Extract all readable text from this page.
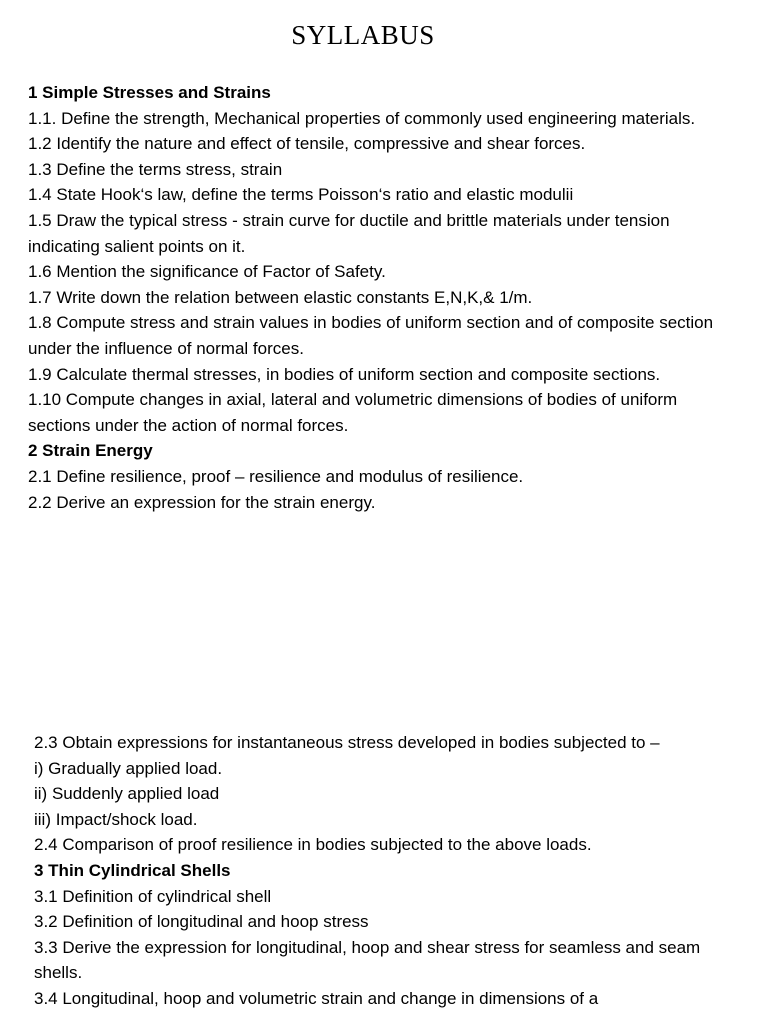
SYLLABUS
1 Simple Stresses and Strains
1.1. Define the strength, Mechanical properties of commonly used engineering materials.
1.2 Identify the nature and effect of tensile, compressive and shear forces.
1.3 Define the terms stress, strain
1.4 State Hook‘s law, define the terms Poisson‘s ratio and elastic modulii
1.5 Draw the typical stress - strain curve for ductile and brittle materials under tension indicating salient points on it.
1.6 Mention the significance of Factor of Safety.
1.7 Write down the relation between elastic constants E,N,K,& 1/m.
1.8 Compute stress and strain values in bodies of uniform section and of composite section under the influence of normal forces.
1.9 Calculate thermal stresses, in bodies of uniform section and composite sections.
1.10 Compute changes in axial, lateral and volumetric dimensions of bodies of uniform sections under the action of normal forces.
2 Strain Energy
2.1 Define resilience, proof – resilience and modulus of resilience.
2.2 Derive an expression for the strain energy.
2.3 Obtain expressions for instantaneous stress developed in bodies subjected to –
i) Gradually applied load.
ii) Suddenly applied load
iii) Impact/shock load.
2.4 Comparison of proof resilience in bodies subjected to the above loads.
3 Thin Cylindrical Shells
3.1 Definition of cylindrical shell
3.2 Definition of longitudinal and hoop stress
3.3 Derive the expression for longitudinal, hoop and shear stress for seamless and seam shells.
3.4 Longitudinal, hoop and volumetric strain and change in dimensions of a
